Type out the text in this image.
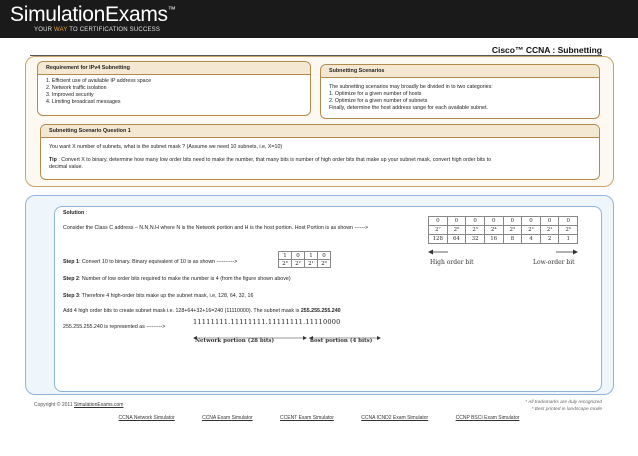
SimulationExams™
YOUR WAY TO CERTIFICATION SUCCESS
Cisco™ CCNA : Subnetting
Requirement for IPv4 Subnetting
1. Efficient use of available IP address space
2. Network traffic isolation
3. Improved security
4. Limiting broadcast messages
Subnetting Scenarios
The subnetting scenarios may broadly be divided in to two categories:
1. Optimize for a given number of hosts
2. Optimize for a given number of subnets
Finally, determine the host address range for each available subnet.
Subnetting Scenario Question 1
You want X number of subnets, what is the subnet mask ? (Assume we need 10 subnets, i.e, X=10)
Tip : Convert X to binary, determine how many low order bits need to make the number, that many bits is number of high order bits that make up your subnet mask, convert high order bits to
decimal value.
Solution :
Consider the Class C address – N.N.N.H where N is the Network portion and H is the host portion. Host Portion is as shown ------>
0	0	0	0	0	0	0	0
2⁷	2⁶	2⁵	2⁴	2³	2²	2¹	2⁰
128	64	32	16	8	4	2	1
High order bit	Low-order bit
Step 1: Convert 10 to binary. Binary equivalent of 10 is as shown ---------->
1	0	1	0
2³	2²	2¹	2⁰
Step 2: Number of low order bits required to make the number is 4 (from the figure shown above)
Step 3: Therefore 4 high-order bits make up the subnet mask, i.e, 128, 64, 32, 16
Add 4 high order bits to create subnet mask i.e. 128+64+32+16=240 (11110000). The subnet mask is 255.255.255.240
255.255.255.240 is represented as --------->
11111111.11111111.11111111.11110000
Network portion (28 bits)	host portion (4 bits)
Copyright © 2011 SimulationExams.com	* All trademarks are duly recognized
* Best printed in landscape mode
CCNA Network Simulator	CCNA Exam Simulator	CCENT Exam Simulator	CCNA ICND2 Exam Simulator	CCNP BSCI Exam Simulator
